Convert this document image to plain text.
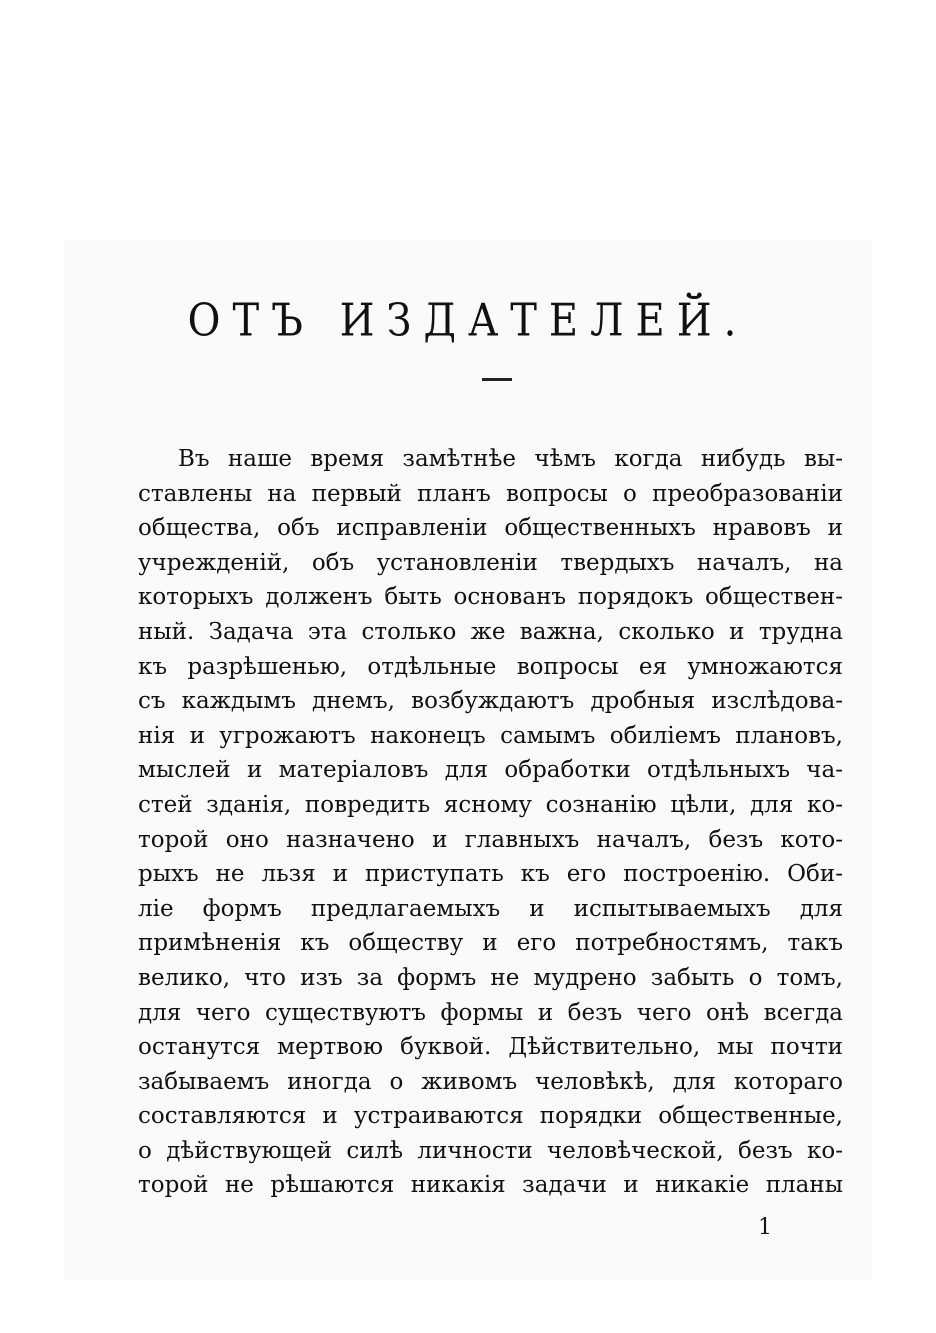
ОТЪ ИЗДАТЕЛЕЙ.
Въ наше время замѣтнѣе чѣмъ когда нибудь вы-
ставлены на первый планъ вопросы о преобразованіи
общества, объ исправленіи общественныхъ нравовъ и
учрежденій, объ установленіи твердыхъ началъ, на
которыхъ долженъ быть основанъ порядокъ обществен-
ный. Задача эта столько же важна, сколько и трудна
къ разрѣшенью, отдѣльные вопросы ея умножаются
съ каждымъ днемъ, возбуждаютъ дробныя изслѣдова-
нія и угрожаютъ наконецъ самымъ обиліемъ плановъ,
мыслей и матеріаловъ для обработки отдѣльныхъ ча-
стей зданія, повредить ясному сознанію цѣли, для ко-
торой оно назначено и главныхъ началъ, безъ кото-
рыхъ не льзя и приступать къ его построенію. Оби-
ліе формъ предлагаемыхъ и испытываемыхъ для
примѣненія къ обществу и его потребностямъ, такъ
велико, что изъ за формъ не мудрено забыть о томъ,
для чего существуютъ формы и безъ чего онѣ всегда
останутся мертвою буквой. Дѣйствительно, мы почти
забываемъ иногда о живомъ человѣкѣ, для котораго
составляются и устраиваются порядки общественные,
о дѣйствующей силѣ личности человѣческой, безъ ко-
торой не рѣшаются никакія задачи и никакіе планы
1
